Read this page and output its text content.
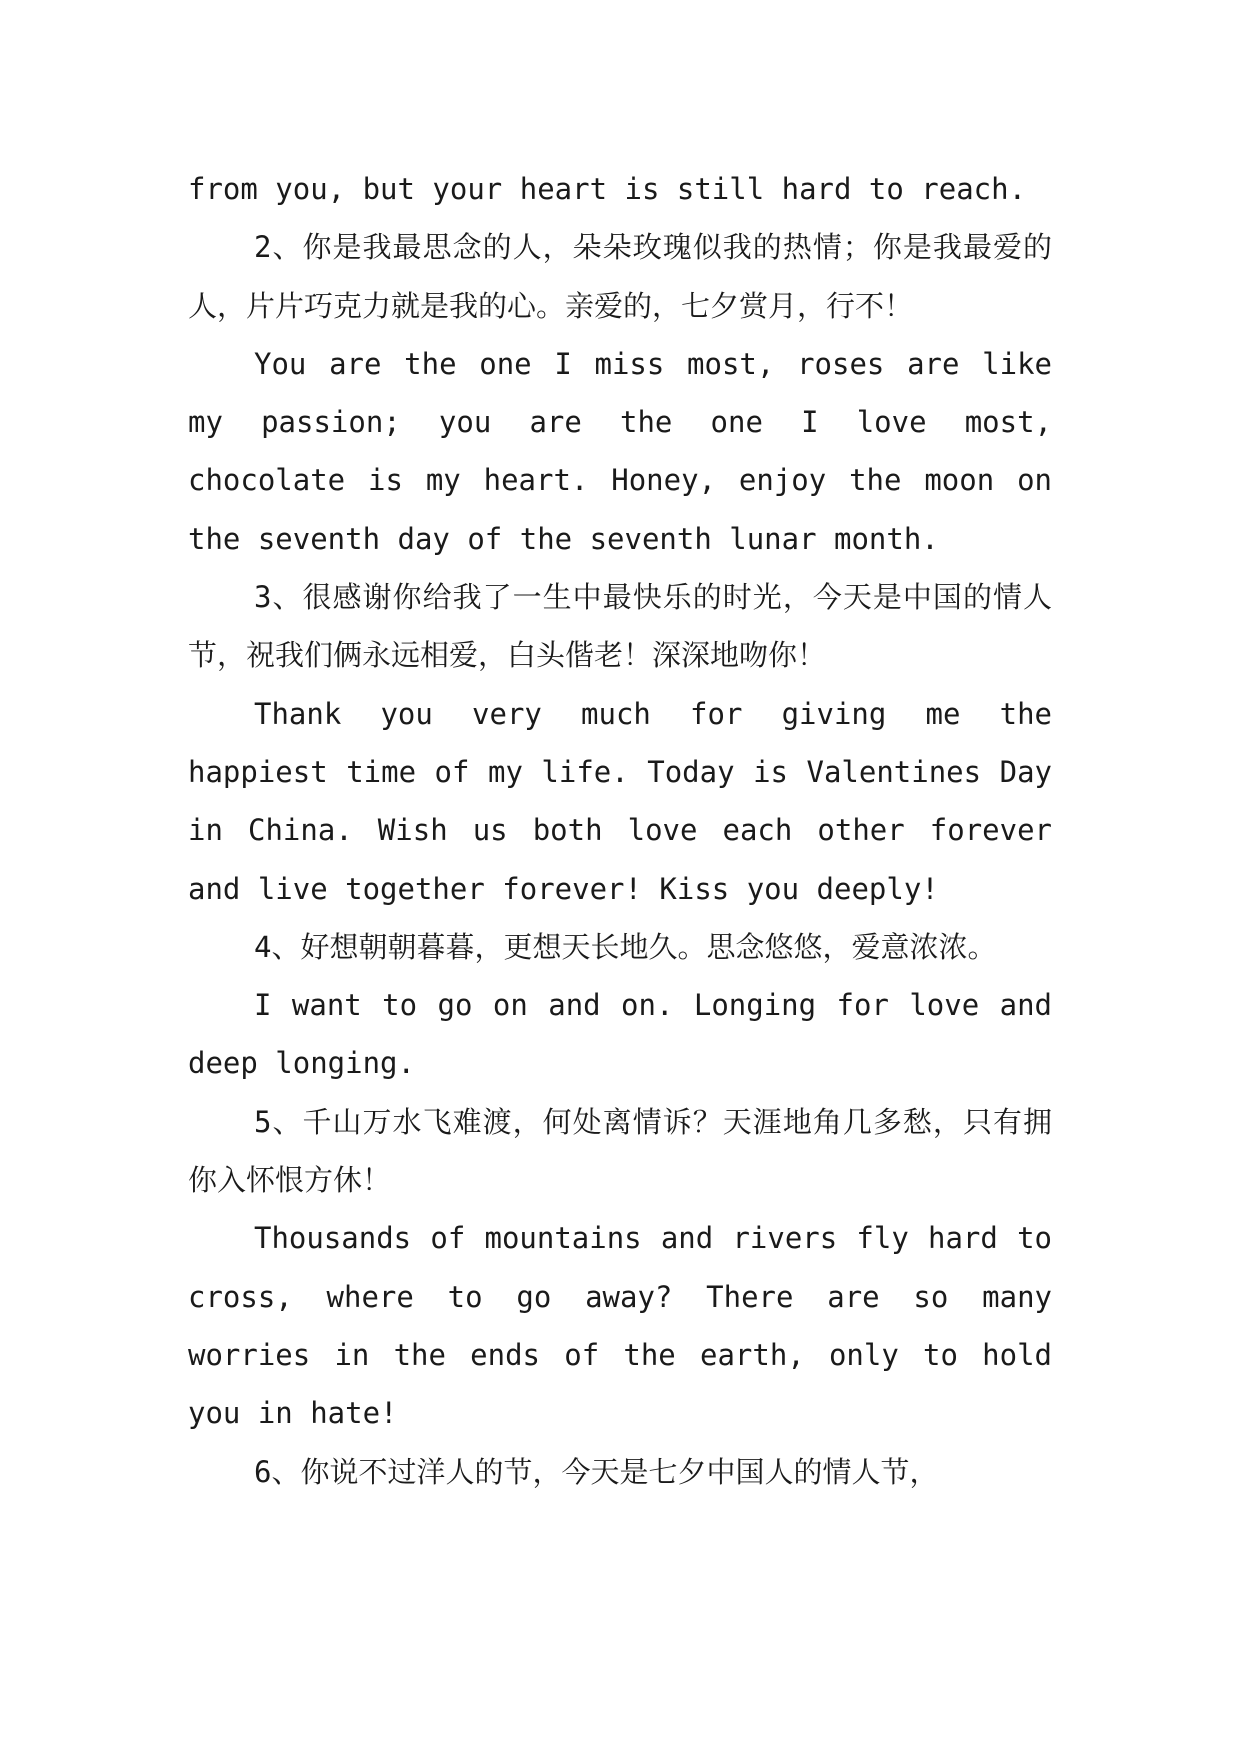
from you, but your heart is still hard to reach.

2、你是我最思念的人，朵朵玫瑰似我的热情；你是我最爱的人，片片巧克力就是我的心。亲爱的，七夕赏月，行不！

You are the one I miss most, roses are like my passion; you are the one I love most, chocolate is my heart. Honey, enjoy the moon on the seventh day of the seventh lunar month.

3、很感谢你给我了一生中最快乐的时光，今天是中国的情人节，祝我们俩永远相爱，白头偕老！深深地吻你！

Thank you very much for giving me the happiest time of my life. Today is Valentines Day in China. Wish us both love each other forever and live together forever! Kiss you deeply!

4、好想朝朝暮暮，更想天长地久。思念悠悠，爱意浓浓。

I want to go on and on. Longing for love and deep longing.

5、千山万水飞难渡，何处离情诉？天涯地角几多愁，只有拥你入怀恨方休！

Thousands of mountains and rivers fly hard to cross, where to go away? There are so many worries in the ends of the earth, only to hold you in hate!

6、你说不过洋人的节，今天是七夕中国人的情人节，
